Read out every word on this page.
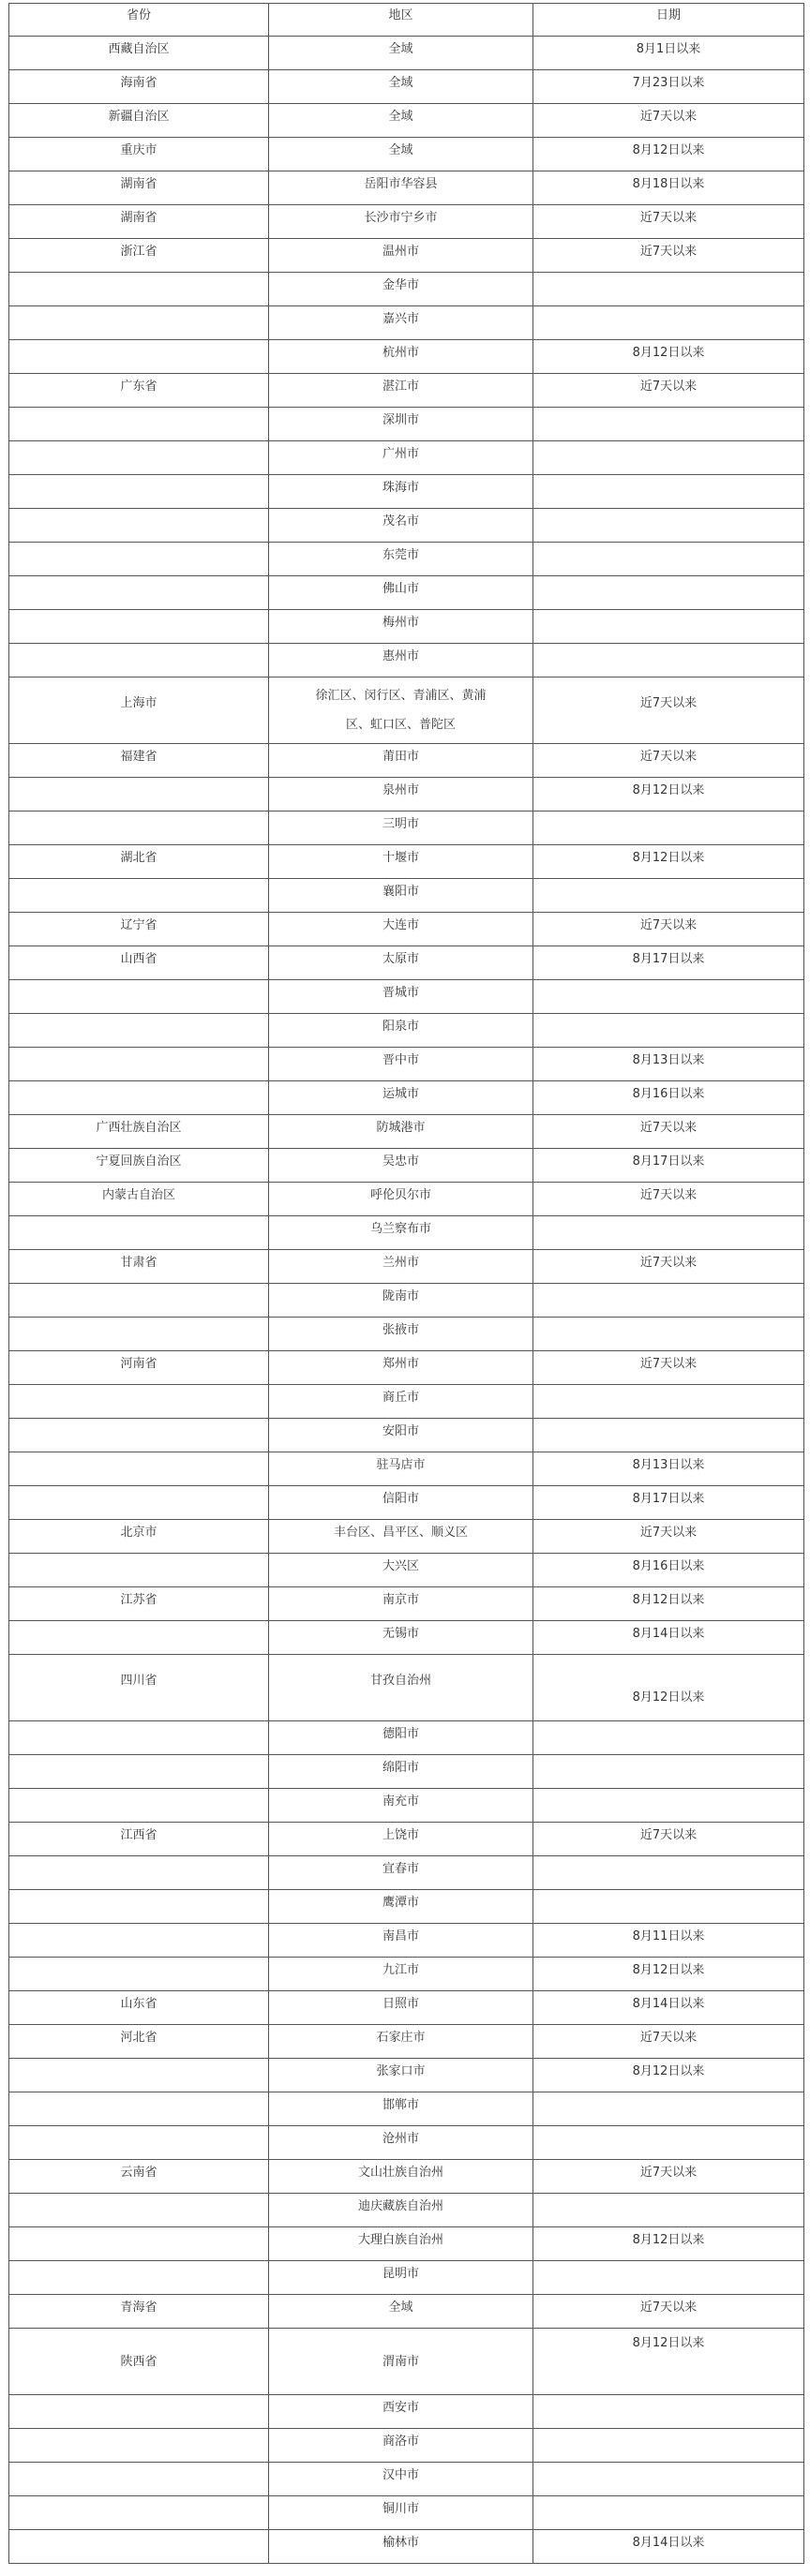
省份	地区	日期
西藏自治区	全域	8月1日以来
海南省	全域	7月23日以来
新疆自治区	全域	近7天以来
重庆市	全域	8月12日以来
湖南省	岳阳市华容县	8月18日以来
湖南省	长沙市宁乡市	近7天以来
浙江省	温州市	近7天以来
	金华市	
	嘉兴市	
	杭州市	8月12日以来
广东省	湛江市	近7天以来
	深圳市	
	广州市	
	珠海市	
	茂名市	
	东莞市	
	佛山市	
	梅州市	
	惠州市	
上海市	徐汇区、闵行区、青浦区、黄浦区、虹口区、普陀区	近7天以来
福建省	莆田市	近7天以来
	泉州市	8月12日以来
	三明市	
湖北省	十堰市	8月12日以来
	襄阳市	
辽宁省	大连市	近7天以来
山西省	太原市	8月17日以来
	晋城市	
	阳泉市	
	晋中市	8月13日以来
	运城市	8月16日以来
广西壮族自治区	防城港市	近7天以来
宁夏回族自治区	吴忠市	8月17日以来
内蒙古自治区	呼伦贝尔市	近7天以来
	乌兰察布市	
甘肃省	兰州市	近7天以来
	陇南市	
	张掖市	
河南省	郑州市	近7天以来
	商丘市	
	安阳市	
	驻马店市	8月13日以来
	信阳市	8月17日以来
北京市	丰台区、昌平区、顺义区	近7天以来
	大兴区	8月16日以来
江苏省	南京市	8月12日以来
	无锡市	8月14日以来
四川省	甘孜自治州	8月12日以来
	德阳市	
	绵阳市	
	南充市	
江西省	上饶市	近7天以来
	宜春市	
	鹰潭市	
	南昌市	8月11日以来
	九江市	8月12日以来
山东省	日照市	8月14日以来
河北省	石家庄市	近7天以来
	张家口市	8月12日以来
	邯郸市	
	沧州市	
云南省	文山壮族自治州	近7天以来
	迪庆藏族自治州	
	大理白族自治州	8月12日以来
	昆明市	
青海省	全域	近7天以来
陕西省	渭南市	8月12日以来
	西安市	
	商洛市	
	汉中市	
	铜川市	
	榆林市	8月14日以来
